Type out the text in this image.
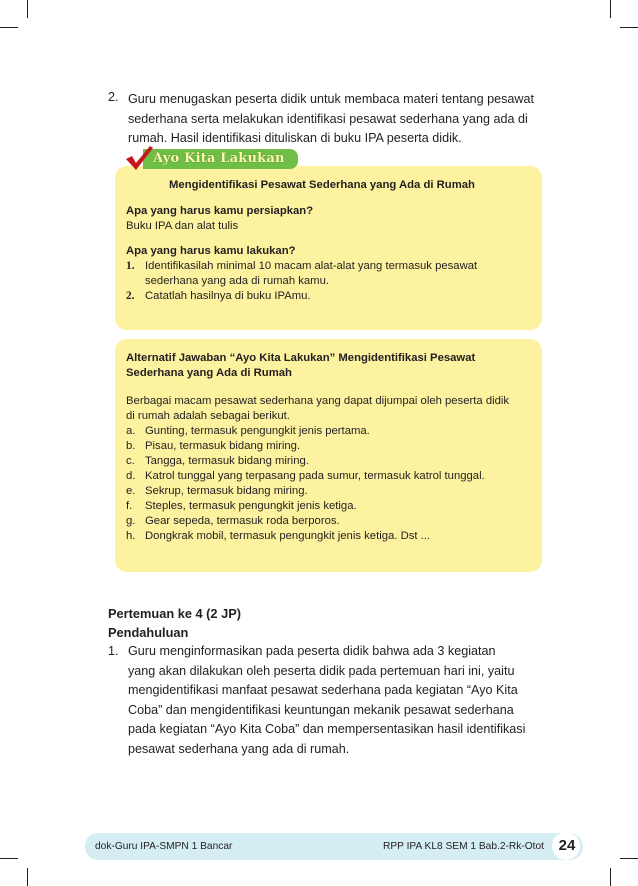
2. Guru menugaskan peserta didik untuk membaca materi tentang pesawat
sederhana serta melakukan identifikasi pesawat sederhana yang ada di
rumah. Hasil identifikasi dituliskan di buku IPA peserta didik.
Ayo Kita Lakukan
Mengidentifikasi Pesawat Sederhana yang Ada di Rumah
Apa yang harus kamu persiapkan?
Buku IPA dan alat tulis
Apa yang harus kamu lakukan?
1. Identifikasilah minimal 10 macam alat-alat yang termasuk pesawat
sederhana yang ada di rumah kamu.
2. Catatlah hasilnya di buku IPAmu.
Alternatif Jawaban “Ayo Kita Lakukan” Mengidentifikasi Pesawat
Sederhana yang Ada di Rumah
Berbagai macam pesawat sederhana yang dapat dijumpai oleh peserta didik
di rumah adalah sebagai berikut.
a. Gunting, termasuk pengungkit jenis pertama.
b. Pisau, termasuk bidang miring.
c. Tangga, termasuk bidang miring.
d. Katrol tunggal yang terpasang pada sumur, termasuk katrol tunggal.
e. Sekrup, termasuk bidang miring.
f. Steples, termasuk pengungkit jenis ketiga.
g. Gear sepeda, termasuk roda berporos.
h. Dongkrak mobil, termasuk pengungkit jenis ketiga. Dst ...
Pertemuan ke 4 (2 JP)
Pendahuluan
1. Guru menginformasikan pada peserta didik bahwa ada 3 kegiatan
yang akan dilakukan oleh peserta didik pada pertemuan hari ini, yaitu
mengidentifikasi manfaat pesawat sederhana pada kegiatan “Ayo Kita
Coba” dan mengidentifikasi keuntungan mekanik pesawat sederhana
pada kegiatan “Ayo Kita Coba” dan mempersentasikan hasil identifikasi
pesawat sederhana yang ada di rumah.
dok-Guru IPA-SMPN 1 Bancar	RPP IPA KL8 SEM 1 Bab.2-Rk-Otot 24
